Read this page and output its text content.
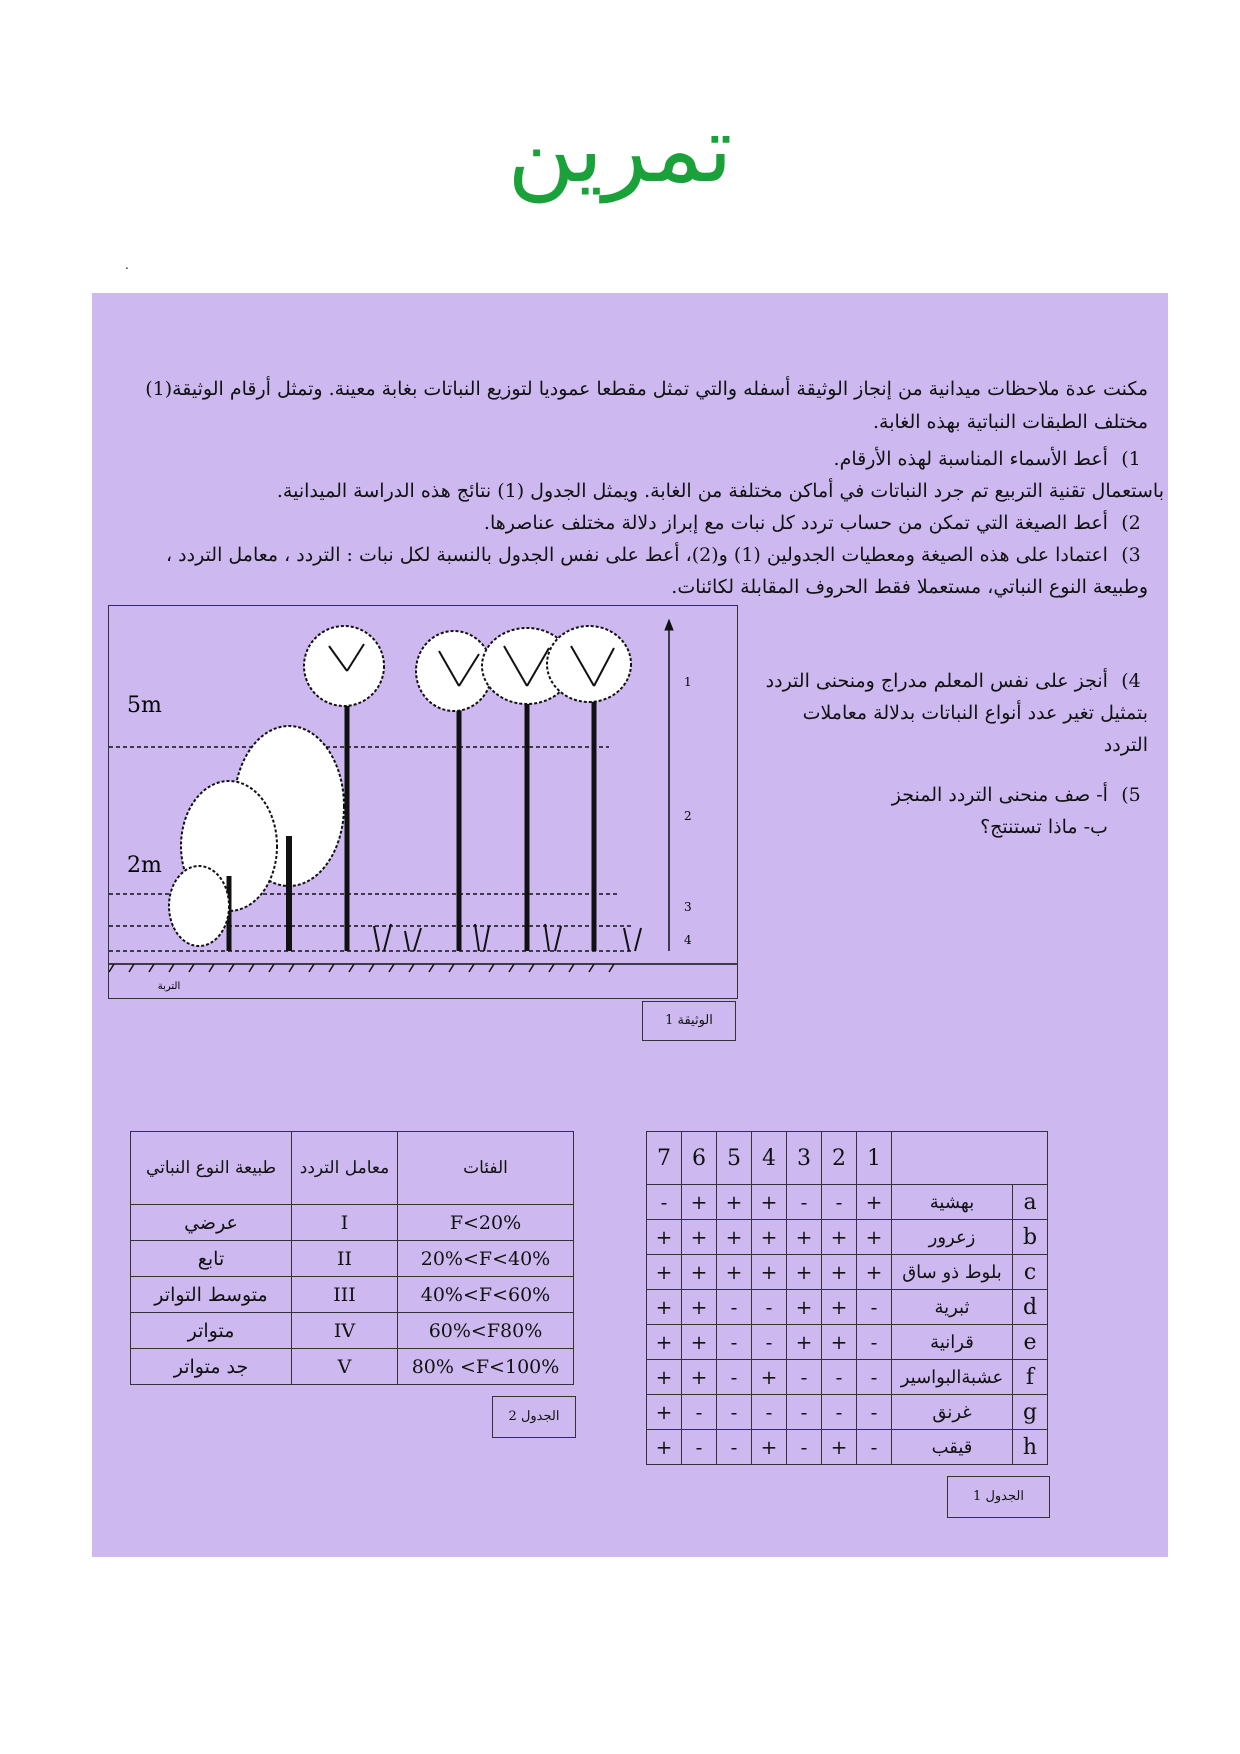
تمرين
.
مكنت عدة ملاحظات ميدانية من إنجاز الوثيقة أسفله والتي تمثل مقطعا عموديا لتوزيع النباتات بغابة معينة. وتمثل أرقام الوثيقة(1) مختلف الطبقات النباتية بهذه الغابة.
1) أعط الأسماء المناسبة لهذه الأرقام.
باستعمال تقنية التربيع تم جرد النباتات في أماكن مختلفة من الغابة. ويمثل الجدول (1) نتائج هذه الدراسة الميدانية.
2) أعط الصيغة التي تمكن من حساب تردد كل نبات مع إبراز دلالة مختلف عناصرها.
3) اعتمادا على هذه الصيغة ومعطيات الجدولين (1) و(2)، أعط على نفس الجدول بالنسبة لكل نبات : التردد ، معامل التردد ، وطبيعة النوع النباتي، مستعملا فقط الحروف المقابلة لكائنات.
4) أنجز على نفس المعلم مدراج ومنحنى التردد بتمثيل تغير عدد أنواع النباتات بدلالة معاملات التردد
5) أ- صف منحنى التردد المنجز
ب- ماذا تستنتج؟
5m
2m
1
2
3
4
التربة
الوثيقة 1
طبيعة النوع النباتي	معامل التردد	الفئات
عرضي	I	F<20%
تابع	II	20%<F<40%
متوسط التواتر	III	40%<F<60%
متواتر	IV	60%<F80%
جد متواتر	V	80% <F<100%
الجدول 2
7	6	5	4	3	2	1		
-	+	+	+	-	-	+	بهشية	a
+	+	+	+	+	+	+	زعرور	b
+	+	+	+	+	+	+	بلوط ذو ساق	c
+	+	-	-	+	+	-	ثبرية	d
+	+	-	-	+	+	-	قرانية	e
+	+	-	+	-	-	-	عشبةالبواسير	f
+	-	-	-	-	-	-	غرنق	g
+	-	-	+	-	+	-	قيقب	h
الجدول 1
